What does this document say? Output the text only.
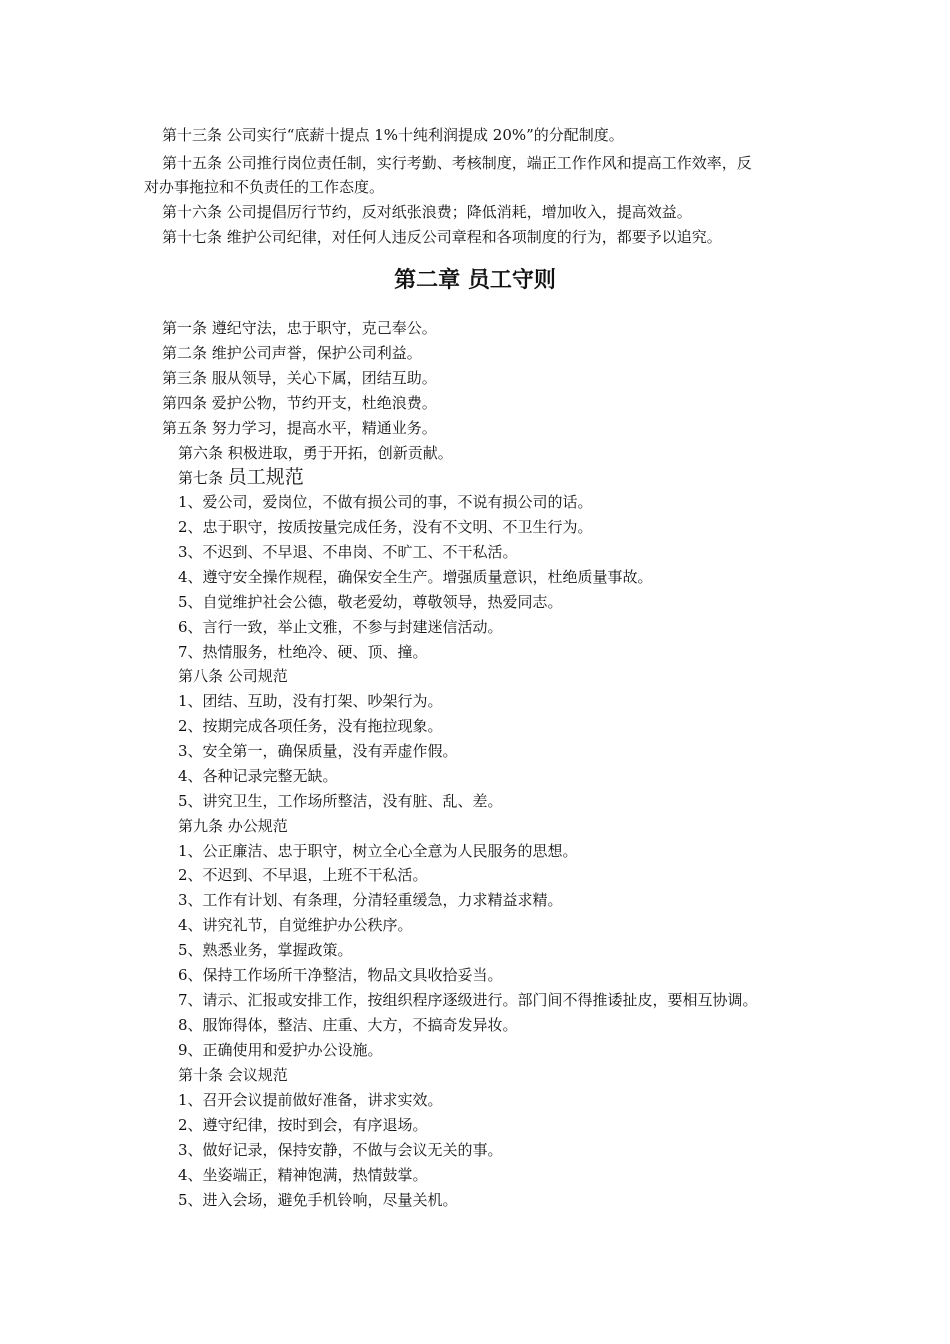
第十三条 公司实行“底薪十提点 1%十纯利润提成 20%”的分配制度。
第十五条 公司推行岗位责任制，实行考勤、考核制度，端正工作作风和提高工作效率，反
对办事拖拉和不负责任的工作态度。
第十六条 公司提倡厉行节约，反对纸张浪费；降低消耗，增加收入，提高效益。
第十七条 维护公司纪律，对任何人违反公司章程和各项制度的行为，都要予以追究。
第二章 员工守则
第一条 遵纪守法，忠于职守，克己奉公。
第二条 维护公司声誉，保护公司利益。
第三条 服从领导，关心下属，团结互助。
第四条 爱护公物，节约开支，杜绝浪费。
第五条 努力学习，提高水平，精通业务。
第六条 积极进取，勇于开拓，创新贡献。
第七条 员工规范
1、爱公司，爱岗位，不做有损公司的事，不说有损公司的话。
2、忠于职守，按质按量完成任务，没有不文明、不卫生行为。
3、不迟到、不早退、不串岗、不旷工、不干私活。
4、遵守安全操作规程，确保安全生产。增强质量意识，杜绝质量事故。
5、自觉维护社会公德，敬老爱幼，尊敬领导，热爱同志。
6、言行一致，举止文雅，不参与封建迷信活动。
7、热情服务，杜绝冷、硬、顶、撞。
第八条 公司规范
1、团结、互助，没有打架、吵架行为。
2、按期完成各项任务，没有拖拉现象。
3、安全第一，确保质量，没有弄虚作假。
4、各种记录完整无缺。
5、讲究卫生，工作场所整洁，没有脏、乱、差。
第九条 办公规范
1、公正廉洁、忠于职守，树立全心全意为人民服务的思想。
2、不迟到、不早退，上班不干私活。
3、工作有计划、有条理，分清轻重缓急，力求精益求精。
4、讲究礼节，自觉维护办公秩序。
5、熟悉业务，掌握政策。
6、保持工作场所干净整洁，物品文具收拾妥当。
7、请示、汇报或安排工作，按组织程序逐级进行。部门间不得推诿扯皮，要相互协调。
8、服饰得体，整洁、庄重、大方，不搞奇发异妆。
9、正确使用和爱护办公设施。
第十条 会议规范
1、召开会议提前做好准备，讲求实效。
2、遵守纪律，按时到会，有序退场。
3、做好记录，保持安静，不做与会议无关的事。
4、坐姿端正，精神饱满，热情鼓掌。
5、进入会场，避免手机铃响，尽量关机。
